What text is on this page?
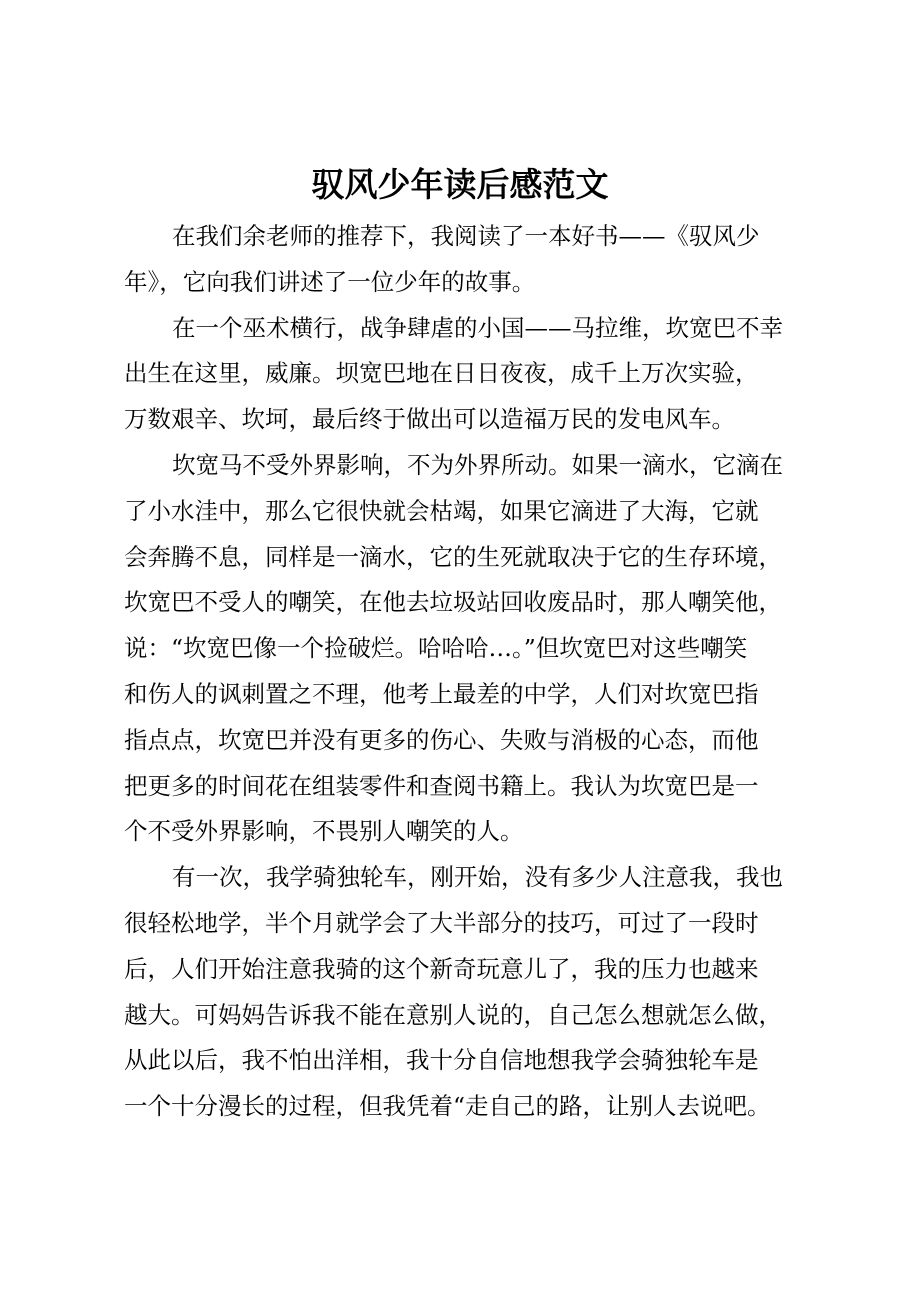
驭风少年读后感范文

在我们余老师的推荐下，我阅读了一本好书——《驭风少
年》，它向我们讲述了一位少年的故事。

在一个巫术横行，战争肆虐的小国——马拉维，坎宽巴不幸
出生在这里，威廉。坝宽巴地在日日夜夜，成千上万次实验，
万数艰辛、坎坷，最后终于做出可以造福万民的发电风车。

坎宽马不受外界影响，不为外界所动。如果一滴水，它滴在
了小水洼中，那么它很快就会枯竭，如果它滴进了大海，它就
会奔腾不息，同样是一滴水，它的生死就取决于它的生存环境，
坎宽巴不受人的嘲笑，在他去垃圾站回收废品时，那人嘲笑他，
说：“坎宽巴像一个捡破烂。哈哈哈…。”但坎宽巴对这些嘲笑
和伤人的讽刺置之不理，他考上最差的中学，人们对坎宽巴指
指点点，坎宽巴并没有更多的伤心、失败与消极的心态，而他
把更多的时间花在组装零件和查阅书籍上。我认为坎宽巴是一
个不受外界影响，不畏别人嘲笑的人。

有一次，我学骑独轮车，刚开始，没有多少人注意我，我也
很轻松地学，半个月就学会了大半部分的技巧，可过了一段时
后，人们开始注意我骑的这个新奇玩意儿了，我的压力也越来
越大。可妈妈告诉我不能在意别人说的，自己怎么想就怎么做，
从此以后，我不怕出洋相，我十分自信地想我学会骑独轮车是
一个十分漫长的过程，但我凭着“走自己的路，让别人去说吧。
